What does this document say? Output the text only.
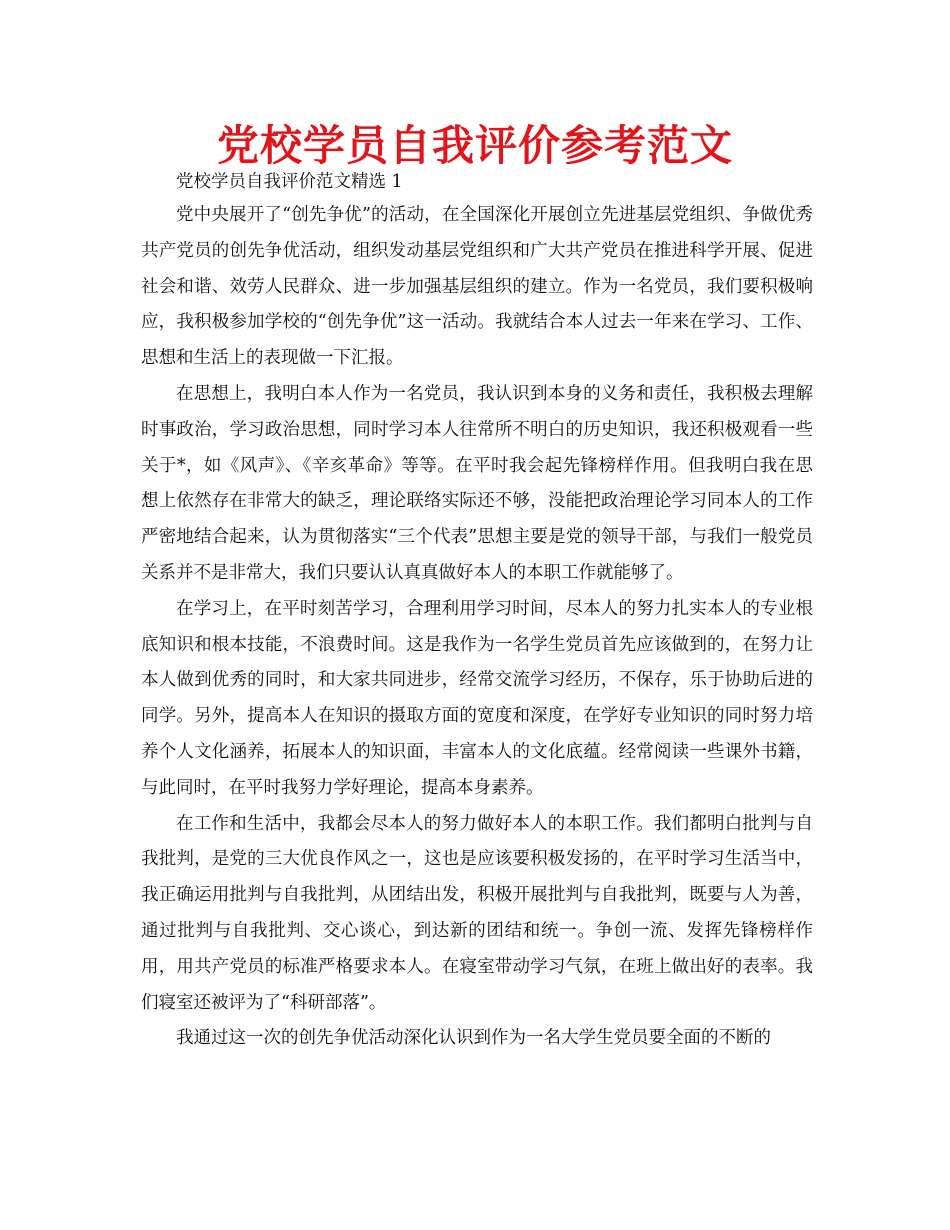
党校学员自我评价参考范文

党校学员自我评价范文精选 1

党中央展开了“创先争优”的活动，在全国深化开展创立先进基层党组织、争做优秀共产党员的创先争优活动，组织发动基层党组织和广大共产党员在推进科学开展、促进社会和谐、效劳人民群众、进一步加强基层组织的建立。作为一名党员，我们要积极响应，我积极参加学校的“创先争优”这一活动。我就结合本人过去一年来在学习、工作、思想和生活上的表现做一下汇报。

在思想上，我明白本人作为一名党员，我认识到本身的义务和责任，我积极去理解时事政治，学习政治思想，同时学习本人往常所不明白的历史知识，我还积极观看一些关于*，如《风声》、《辛亥革命》等等。在平时我会起先锋榜样作用。但我明白我在思想上依然存在非常大的缺乏，理论联络实际还不够，没能把政治理论学习同本人的工作严密地结合起来，认为贯彻落实“三个代表”思想主要是党的领导干部，与我们一般党员关系并不是非常大，我们只要认认真真做好本人的本职工作就能够了。

在学习上，在平时刻苦学习，合理利用学习时间，尽本人的努力扎实本人的专业根底知识和根本技能，不浪费时间。这是我作为一名学生党员首先应该做到的，在努力让本人做到优秀的同时，和大家共同进步，经常交流学习经历，不保存，乐于协助后进的同学。另外，提高本人在知识的摄取方面的宽度和深度，在学好专业知识的同时努力培养个人文化涵养，拓展本人的知识面，丰富本人的文化底蕴。经常阅读一些课外书籍，与此同时，在平时我努力学好理论，提高本身素养。

在工作和生活中，我都会尽本人的努力做好本人的本职工作。我们都明白批判与自我批判，是党的三大优良作风之一，这也是应该要积极发扬的，在平时学习生活当中，我正确运用批判与自我批判，从团结出发，积极开展批判与自我批判，既要与人为善，通过批判与自我批判、交心谈心，到达新的团结和统一。争创一流、发挥先锋榜样作用，用共产党员的标准严格要求本人。在寝室带动学习气氛，在班上做出好的表率。我们寝室还被评为了“科研部落”。

我通过这一次的创先争优活动深化认识到作为一名大学生党员要全面的不断的
